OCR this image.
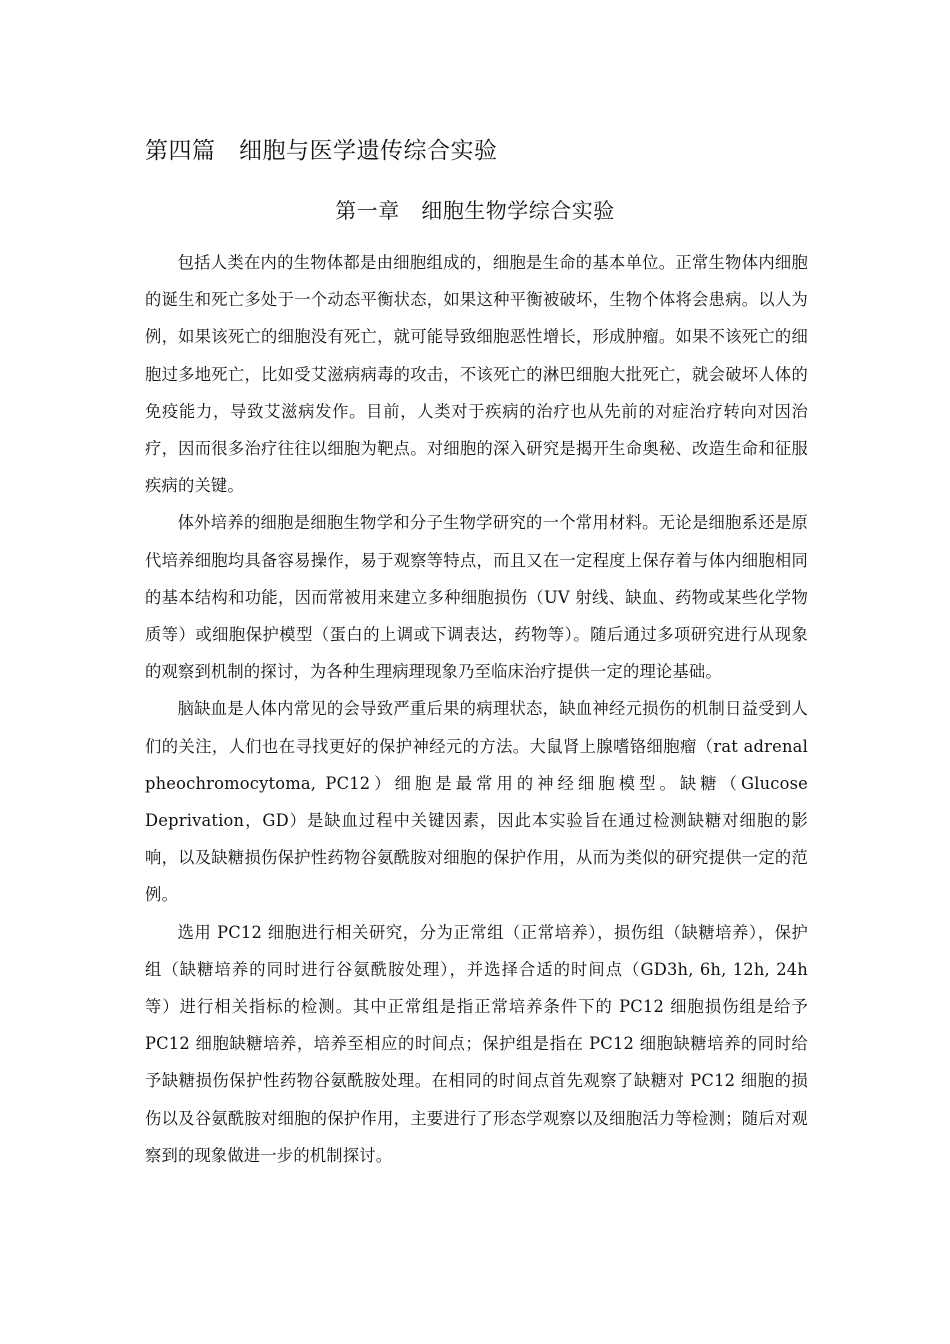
第四篇　细胞与医学遗传综合实验
第一章　细胞生物学综合实验

包括人类在内的生物体都是由细胞组成的，细胞是生命的基本单位。正常生物体内细胞的诞生和死亡多处于一个动态平衡状态，如果这种平衡被破坏，生物个体将会患病。以人为例，如果该死亡的细胞没有死亡，就可能导致细胞恶性增长，形成肿瘤。如果不该死亡的细胞过多地死亡，比如受艾滋病病毒的攻击，不该死亡的淋巴细胞大批死亡，就会破坏人体的免疫能力，导致艾滋病发作。目前，人类对于疾病的治疗也从先前的对症治疗转向对因治疗，因而很多治疗往往以细胞为靶点。对细胞的深入研究是揭开生命奥秘、改造生命和征服疾病的关键。

体外培养的细胞是细胞生物学和分子生物学研究的一个常用材料。无论是细胞系还是原代培养细胞均具备容易操作，易于观察等特点，而且又在一定程度上保存着与体内细胞相同的基本结构和功能，因而常被用来建立多种细胞损伤（UV 射线、缺血、药物或某些化学物质等）或细胞保护模型（蛋白的上调或下调表达，药物等）。随后通过多项研究进行从现象的观察到机制的探讨，为各种生理病理现象乃至临床治疗提供一定的理论基础。

脑缺血是人体内常见的会导致严重后果的病理状态，缺血神经元损伤的机制日益受到人们的关注，人们也在寻找更好的保护神经元的方法。大鼠肾上腺嗜铬细胞瘤（rat adrenal pheochromocytoma, PC12）细胞是最常用的神经细胞模型。缺糖（Glucose Deprivation，GD）是缺血过程中关键因素，因此本实验旨在通过检测缺糖对细胞的影响，以及缺糖损伤保护性药物谷氨酰胺对细胞的保护作用，从而为类似的研究提供一定的范例。

选用 PC12 细胞进行相关研究，分为正常组（正常培养），损伤组（缺糖培养），保护组（缺糖培养的同时进行谷氨酰胺处理），并选择合适的时间点（GD3h, 6h, 12h, 24h 等）进行相关指标的检测。其中正常组是指正常培养条件下的 PC12 细胞损伤组是给予 PC12 细胞缺糖培养，培养至相应的时间点；保护组是指在 PC12 细胞缺糖培养的同时给予缺糖损伤保护性药物谷氨酰胺处理。在相同的时间点首先观察了缺糖对 PC12 细胞的损伤以及谷氨酰胺对细胞的保护作用，主要进行了形态学观察以及细胞活力等检测；随后对观察到的现象做进一步的机制探讨。
